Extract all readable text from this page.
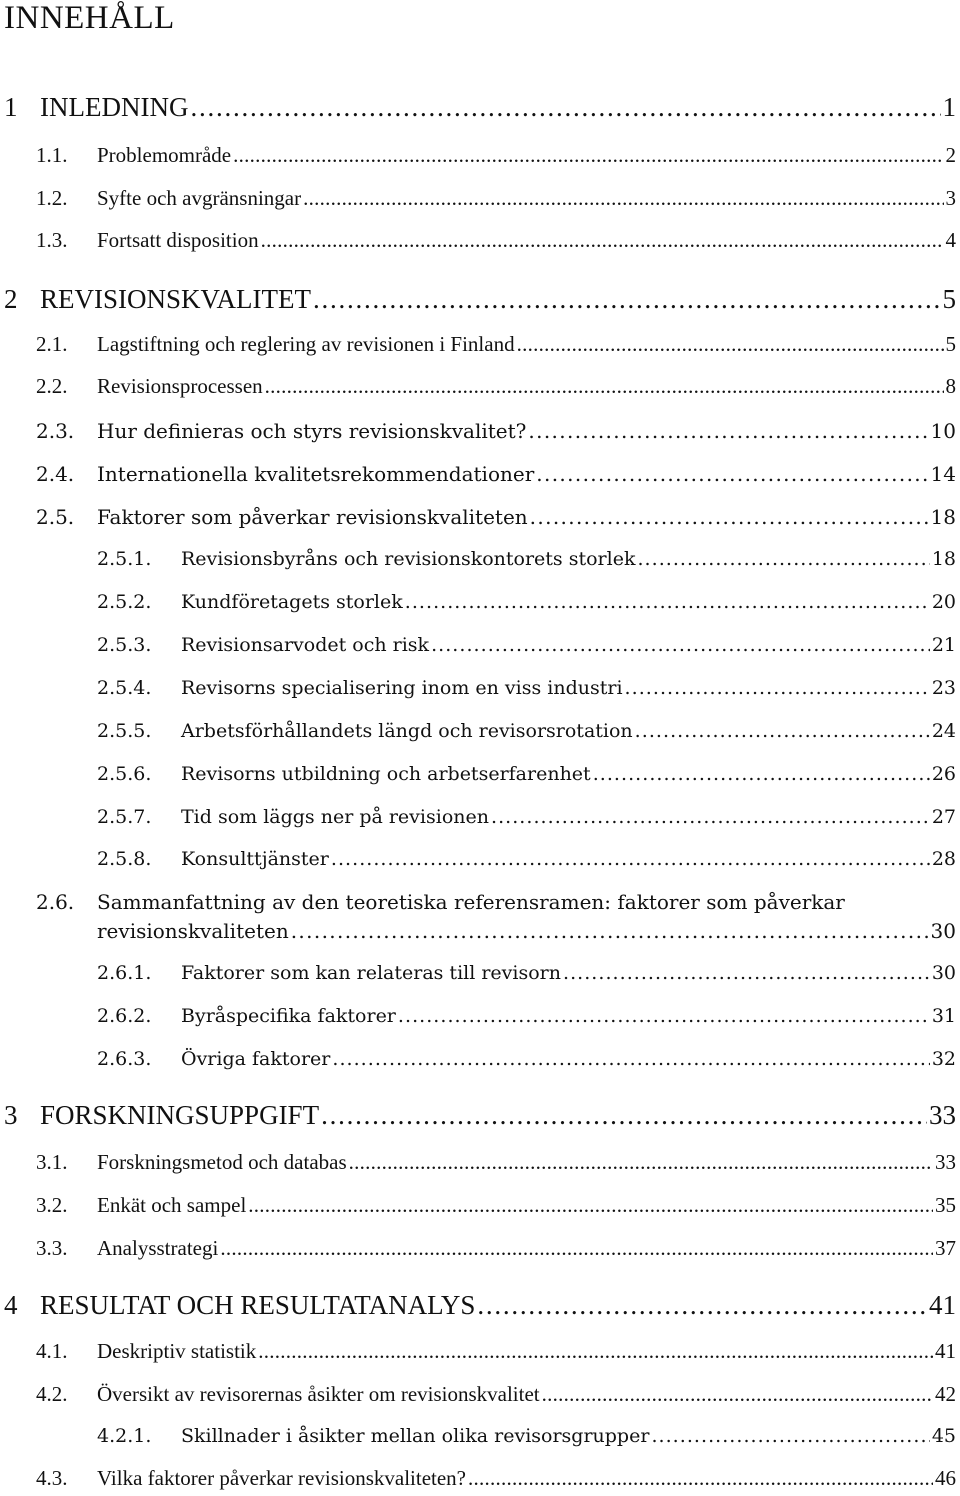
INNEHÅLL
1 INLEDNING . . .	1
1.1.	Problemområde . . .	2
1.2.	Syfte och avgränsningar . . .	3
1.3.	Fortsatt disposition . . .	4
2 REVISIONSKVALITET . . .	5
2.1.	Lagstiftning och reglering av revisionen i Finland . . .	5
2.2.	Revisionsprocessen . . .	8
2.3.	Hur definieras och styrs revisionskvalitet? . . .	10
2.4.	Internationella kvalitetsrekommendationer . . .	14
2.5.	Faktorer som påverkar revisionskvaliteten . . .	18
2.5.1.	Revisionsbyråns och revisionskontorets storlek . . .	18
2.5.2.	Kundföretagets storlek . . .	20
2.5.3.	Revisionsarvodet och risk . . .	21
2.5.4.	Revisorns specialisering inom en viss industri . . .	23
2.5.5.	Arbetsförhållandets längd och revisorsrotation . . .	24
2.5.6.	Revisorns utbildning och arbetserfarenhet . . .	26
2.5.7.	Tid som läggs ner på revisionen . . .	27
2.5.8.	Konsulttjänster . . .	28
2.6. Sammanfattning av den teoretiska referensramen: faktorer som påverkar
revisionskvaliteten . . .	30
2.6.1.	Faktorer som kan relateras till revisorn . . .	30
2.6.2.	Byråspecifika faktorer . . .	31
2.6.3.	Övriga faktorer . . .	32
3 FORSKNINGSUPPGIFT . . .	33
3.1.	Forskningsmetod och databas . . .	33
3.2.	Enkät och sampel . . .	35
3.3.	Analysstrategi . . .	37
4 RESULTAT OCH RESULTATANALYS . . .	41
4.1.	Deskriptiv statistik . . .	41
4.2.	Översikt av revisorernas åsikter om revisionskvalitet . . .	42
4.2.1.	Skillnader i åsikter mellan olika revisorsgrupper . . .	45
4.3.	Vilka faktorer påverkar revisionskvaliteten? . . .	46
